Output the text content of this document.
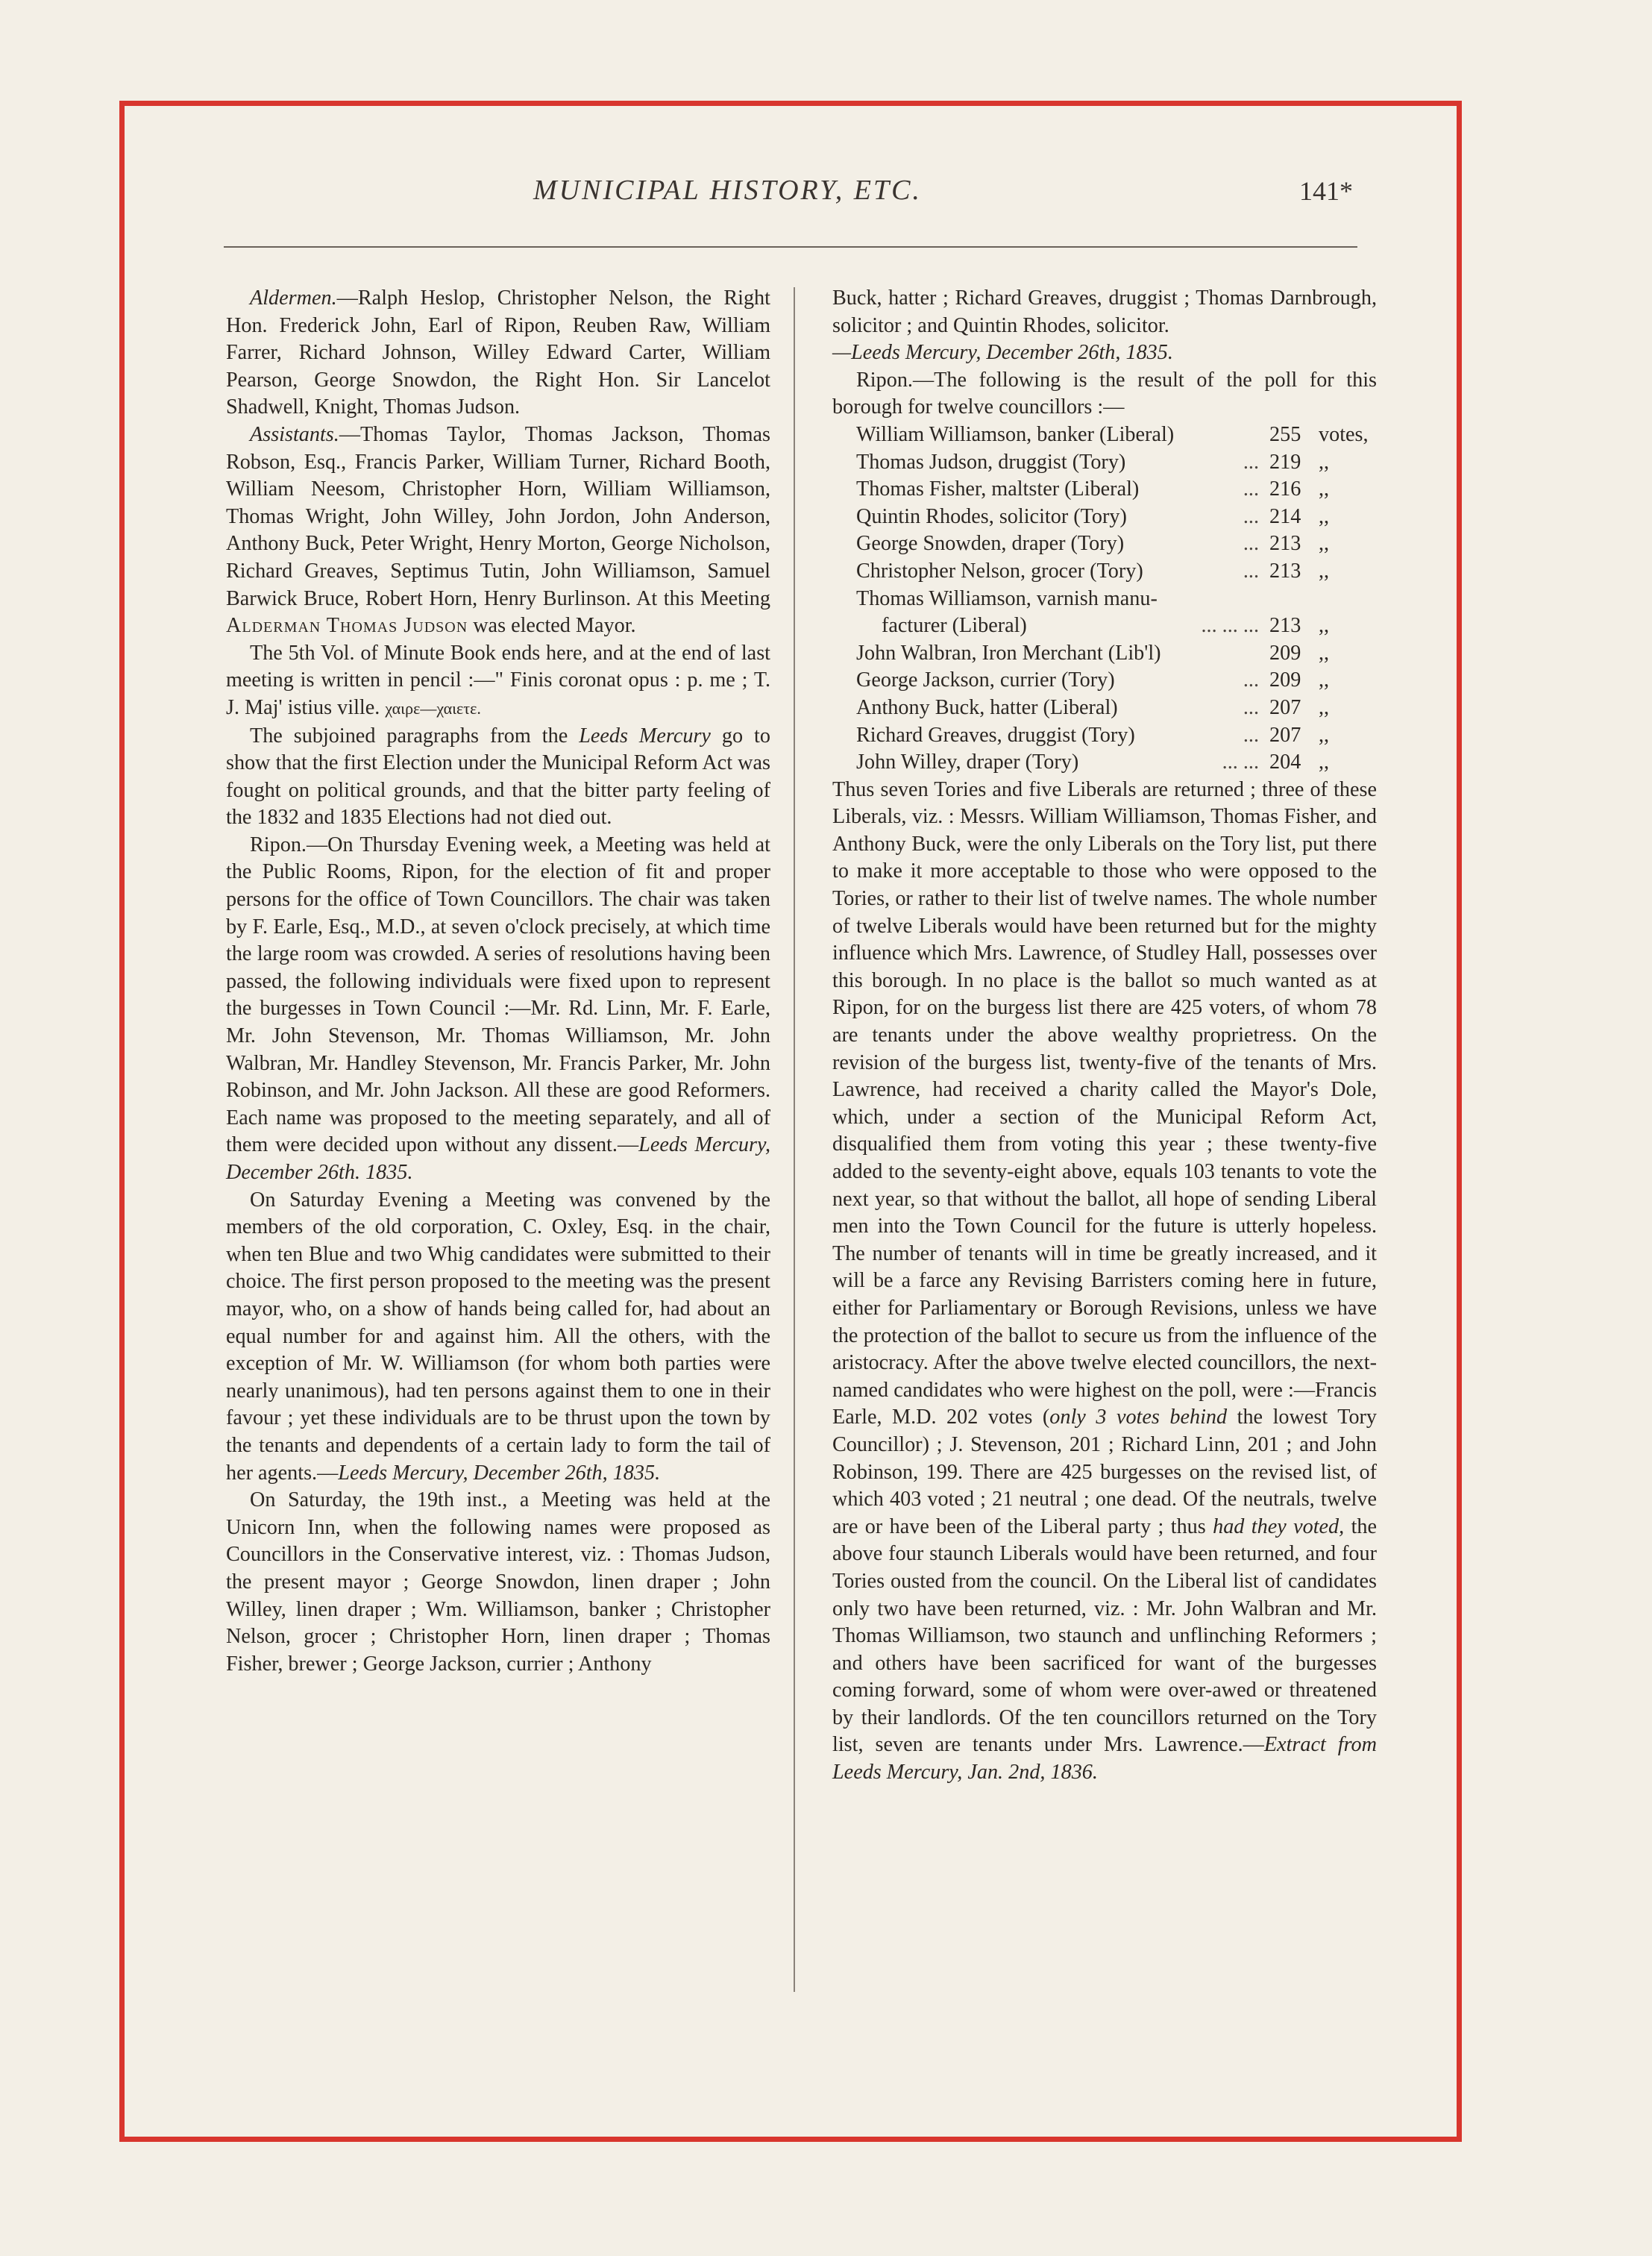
MUNICIPAL HISTORY, ETC.	141*

Aldermen.—Ralph Heslop, Christopher Nelson, the Right Hon. Frederick John, Earl of Ripon, Reuben Raw, William Farrer, Richard Johnson, Willey Edward Carter, William Pearson, George Snowdon, the Right Hon. Sir Lancelot Shadwell, Knight, Thomas Judson.

Assistants.—Thomas Taylor, Thomas Jackson, Thomas Robson, Esq., Francis Parker, William Turner, Richard Booth, William Neesom, Christopher Horn, William Williamson, Thomas Wright, John Willey, John Jordon, John Anderson, Anthony Buck, Peter Wright, Henry Morton, George Nicholson, Richard Greaves, Septimus Tutin, John Williamson, Samuel Barwick Bruce, Robert Horn, Henry Burlinson. At this Meeting Alderman Thomas Judson was elected Mayor.

The 5th Vol. of Minute Book ends here, and at the end of last meeting is written in pencil :—" Finis coronat opus : p. me ; T. J. Maj' istius ville. χαιρε—χαιετε.

The subjoined paragraphs from the Leeds Mercury go to show that the first Election under the Municipal Reform Act was fought on political grounds, and that the bitter party feeling of the 1832 and 1835 Elections had not died out.

Ripon.—On Thursday Evening week, a Meeting was held at the Public Rooms, Ripon, for the election of fit and proper persons for the office of Town Councillors. The chair was taken by F. Earle, Esq., M.D., at seven o'clock precisely, at which time the large room was crowded. A series of resolutions having been passed, the following individuals were fixed upon to represent the burgesses in Town Council :—Mr. Rd. Linn, Mr. F. Earle, Mr. John Stevenson, Mr. Thomas Williamson, Mr. John Walbran, Mr. Handley Stevenson, Mr. Francis Parker, Mr. John Robinson, and Mr. John Jackson. All these are good Reformers. Each name was proposed to the meeting separately, and all of them were decided upon without any dissent.—Leeds Mercury, December 26th. 1835.

On Saturday Evening a Meeting was convened by the members of the old corporation, C. Oxley, Esq. in the chair, when ten Blue and two Whig candidates were submitted to their choice. The first person proposed to the meeting was the present mayor, who, on a show of hands being called for, had about an equal number for and against him. All the others, with the exception of Mr. W. Williamson (for whom both parties were nearly unanimous), had ten persons against them to one in their favour ; yet these individuals are to be thrust upon the town by the tenants and dependents of a certain lady to form the tail of her agents.—Leeds Mercury, December 26th, 1835.

On Saturday, the 19th inst., a Meeting was held at the Unicorn Inn, when the following names were proposed as Councillors in the Conservative interest, viz. : Thomas Judson, the present mayor ; George Snowdon, linen draper ; John Willey, linen draper ; Wm. Williamson, banker ; Christopher Nelson, grocer ; Christopher Horn, linen draper ; Thomas Fisher, brewer ; George Jackson, currier ; Anthony

Buck, hatter ; Richard Greaves, druggist ; Thomas Darnbrough, solicitor ; and Quintin Rhodes, solicitor.
—Leeds Mercury, December 26th, 1835.

Ripon.—The following is the result of the poll for this borough for twelve councillors :—

William Williamson, banker (Liberal)	255 votes,
Thomas Judson, druggist (Tory)	... 219 ,,
Thomas Fisher, maltster (Liberal)	... 216 ,,
Quintin Rhodes, solicitor (Tory)	... 214 ,,
George Snowden, draper (Tory)	... 213 ,,
Christopher Nelson, grocer (Tory)	... 213 ,,
Thomas Williamson, varnish manu-
facturer (Liberal)	... ... ... 213 ,,
John Walbran, Iron Merchant (Lib'l)	209 ,,
George Jackson, currier (Tory)	... 209 ,,
Anthony Buck, hatter (Liberal)	... 207 ,,
Richard Greaves, druggist (Tory)	... 207 ,,
John Willey, draper (Tory)	... ... 204 ,,

Thus seven Tories and five Liberals are returned ; three of these Liberals, viz. : Messrs. William Williamson, Thomas Fisher, and Anthony Buck, were the only Liberals on the Tory list, put there to make it more acceptable to those who were opposed to the Tories, or rather to their list of twelve names. The whole number of twelve Liberals would have been returned but for the mighty influence which Mrs. Lawrence, of Studley Hall, possesses over this borough. In no place is the ballot so much wanted as at Ripon, for on the burgess list there are 425 voters, of whom 78 are tenants under the above wealthy proprietress. On the revision of the burgess list, twenty-five of the tenants of Mrs. Lawrence, had received a charity called the Mayor's Dole, which, under a section of the Municipal Reform Act, disqualified them from voting this year ; these twenty-five added to the seventy-eight above, equals 103 tenants to vote the next year, so that without the ballot, all hope of sending Liberal men into the Town Council for the future is utterly hopeless. The number of tenants will in time be greatly increased, and it will be a farce any Revising Barristers coming here in future, either for Parliamentary or Borough Revisions, unless we have the protection of the ballot to secure us from the influence of the aristocracy. After the above twelve elected councillors, the next-named candidates who were highest on the poll, were :—Francis Earle, M.D. 202 votes (only 3 votes behind the lowest Tory Councillor) ; J. Stevenson, 201 ; Richard Linn, 201 ; and John Robinson, 199. There are 425 burgesses on the revised list, of which 403 voted ; 21 neutral ; one dead. Of the neutrals, twelve are or have been of the Liberal party ; thus had they voted, the above four staunch Liberals would have been returned, and four Tories ousted from the council. On the Liberal list of candidates only two have been returned, viz. : Mr. John Walbran and Mr. Thomas Williamson, two staunch and unflinching Reformers ; and others have been sacrificed for want of the burgesses coming forward, some of whom were over-awed or threatened by their landlords. Of the ten councillors returned on the Tory list, seven are tenants under Mrs. Lawrence.—Extract from Leeds Mercury, Jan. 2nd, 1836.
